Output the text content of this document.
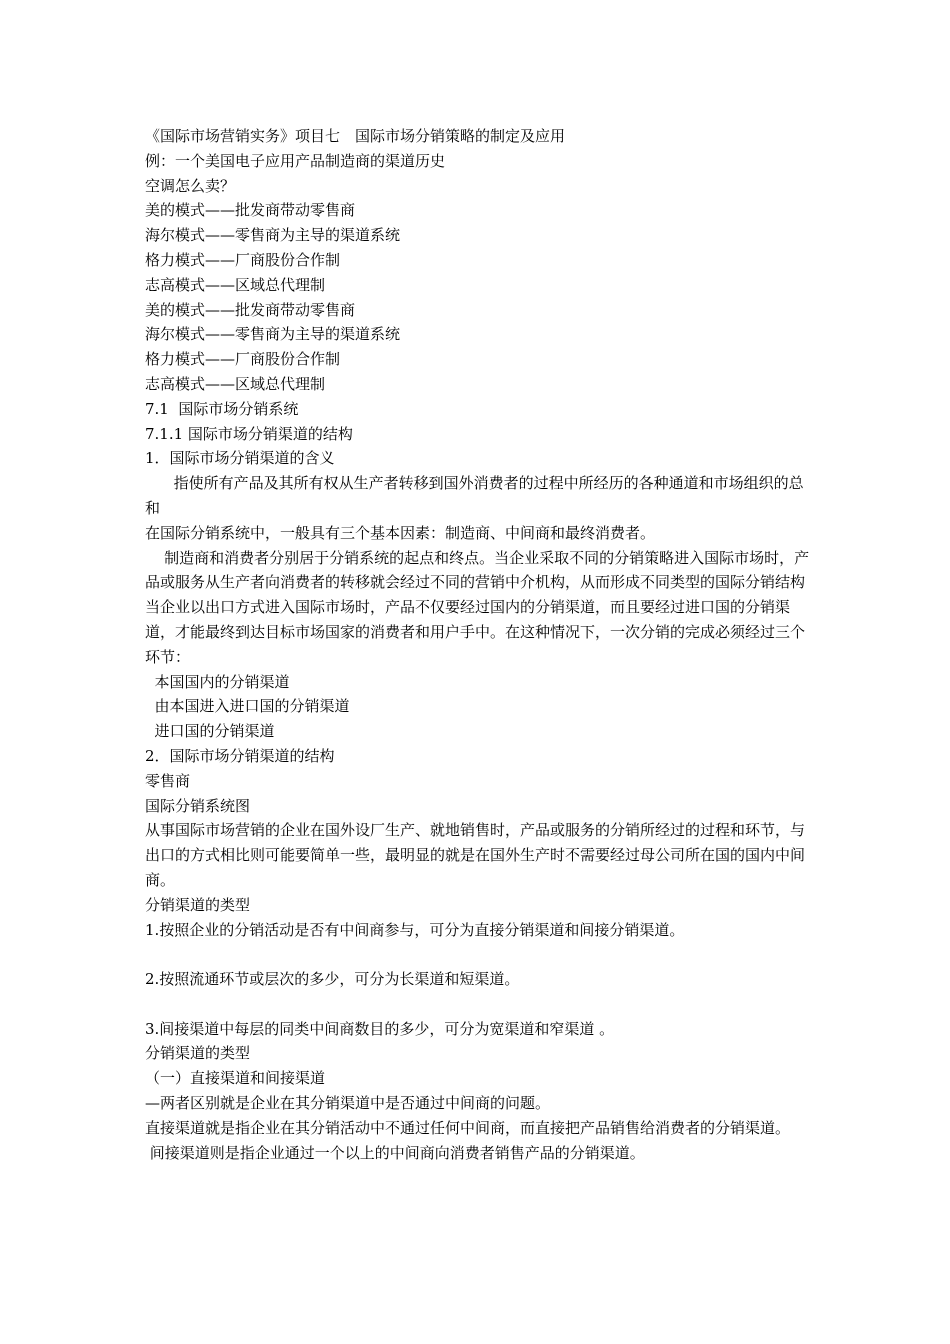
《国际市场营销实务》项目七　国际市场分销策略的制定及应用

例：一个美国电子应用产品制造商的渠道历史

空调怎么卖？

美的模式——批发商带动零售商

海尔模式——零售商为主导的渠道系统

格力模式——厂商股份合作制

志高模式——区域总代理制

美的模式——批发商带动零售商

海尔模式——零售商为主导的渠道系统

格力模式——厂商股份合作制

志高模式——区域总代理制

7.1  国际市场分销系统

7.1.1 国际市场分销渠道的结构

1．国际市场分销渠道的含义

指使所有产品及其所有权从生产者转移到国外消费者的过程中所经历的各种通道和市场组织的总和

在国际分销系统中，一般具有三个基本因素：制造商、中间商和最终消费者。

制造商和消费者分别居于分销系统的起点和终点。当企业采取不同的分销策略进入国际市场时，产品或服务从生产者向消费者的转移就会经过不同的营销中介机构，从而形成不同类型的国际分销结构

当企业以出口方式进入国际市场时，产品不仅要经过国内的分销渠道，而且要经过进口国的分销渠道，才能最终到达目标市场国家的消费者和用户手中。在这种情况下，一次分销的完成必须经过三个环节：

本国国内的分销渠道

由本国进入进口国的分销渠道

进口国的分销渠道

2．国际市场分销渠道的结构

零售商

国际分销系统图

从事国际市场营销的企业在国外设厂生产、就地销售时，产品或服务的分销所经过的过程和环节，与出口的方式相比则可能要简单一些，最明显的就是在国外生产时不需要经过母公司所在国的国内中间商。

分销渠道的类型

1.按照企业的分销活动是否有中间商参与，可分为直接分销渠道和间接分销渠道。

2.按照流通环节或层次的多少，可分为长渠道和短渠道。

3.间接渠道中每层的同类中间商数目的多少，可分为宽渠道和窄渠道 。

分销渠道的类型

（一）直接渠道和间接渠道

—两者区别就是企业在其分销渠道中是否通过中间商的问题。

直接渠道就是指企业在其分销活动中不通过任何中间商，而直接把产品销售给消费者的分销渠道。

间接渠道则是指企业通过一个以上的中间商向消费者销售产品的分销渠道。
